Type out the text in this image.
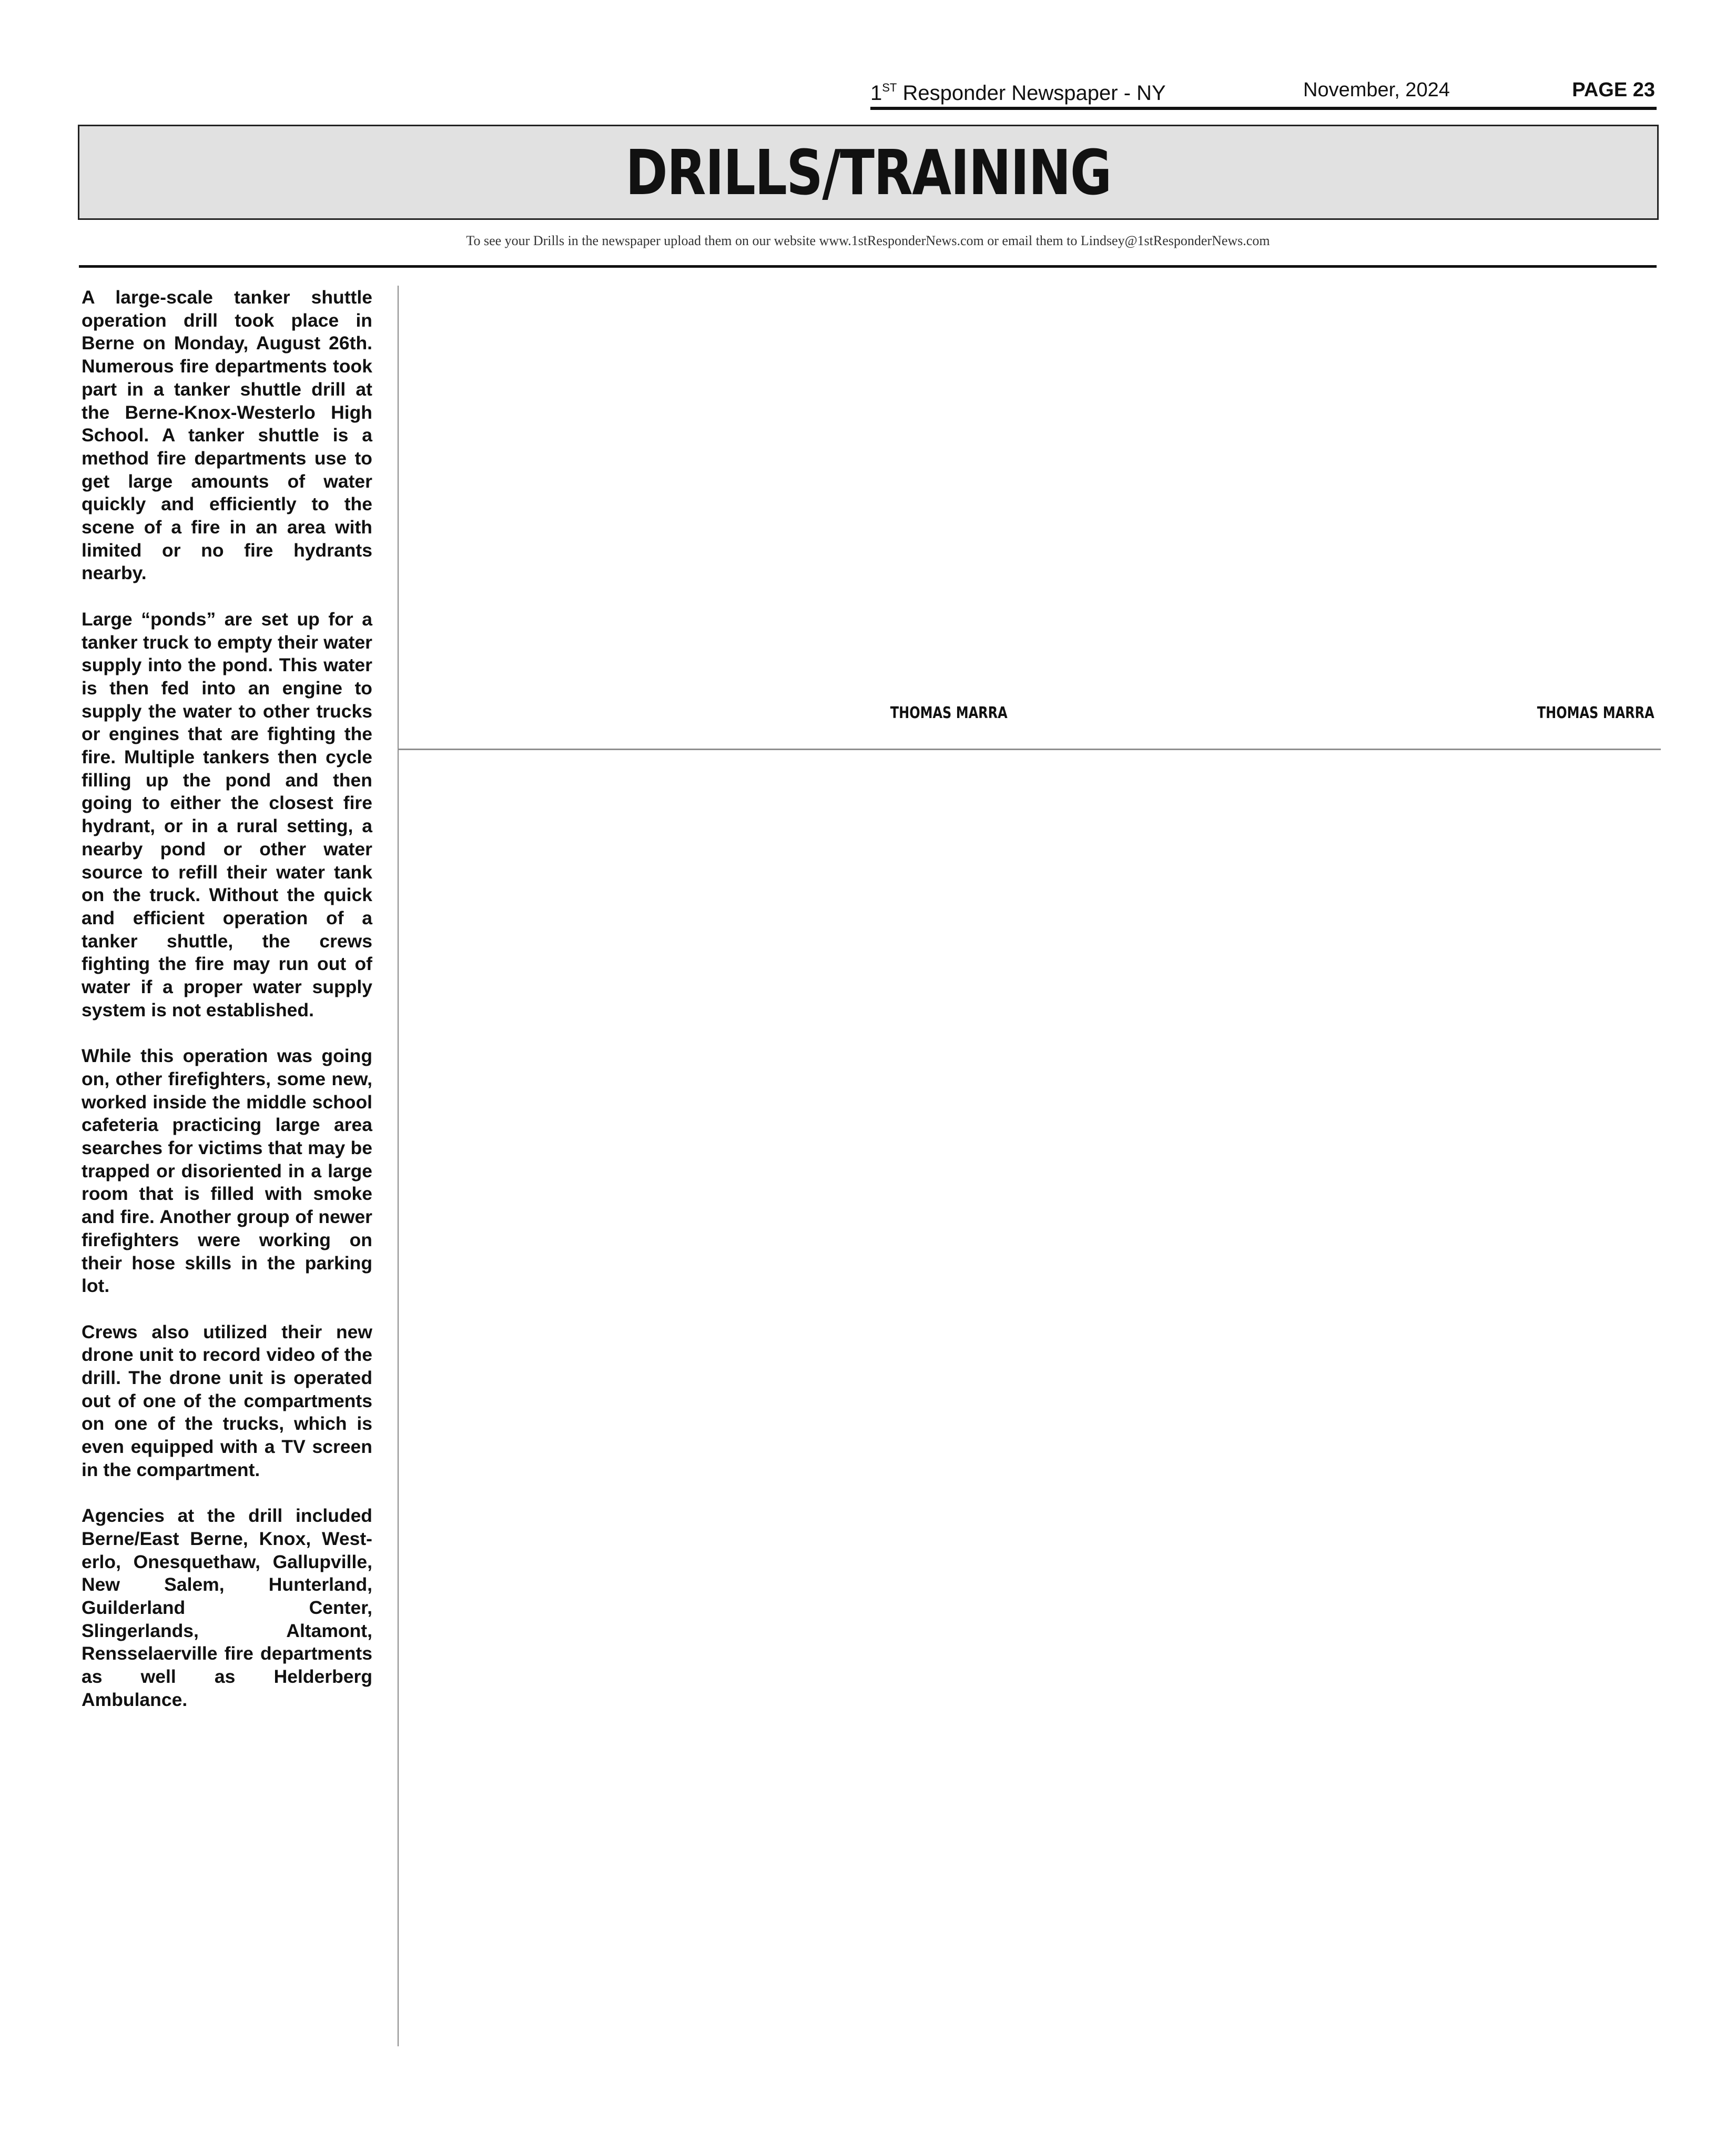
1ST Responder Newspaper - NY	November, 2024	PAGE 23
DRILLS/TRAINING
To see your Drills in the newspaper upload them on our website www.1stResponderNews.com or email them to Lindsey@1stResponderNews.com

A large-scale tanker shuttle operation drill took place in Berne on Monday, August 26th. Numerous fire departments took part in a tanker shuttle drill at the Berne-Knox-Westerlo High School. A tanker shuttle is a method fire departments use to get large amounts of water quickly and efficiently to the scene of a fire in an area with limited or no fire hydrants nearby.

Large “ponds” are set up for a tanker truck to empty their water supply into the pond. This water is then fed into an engine to supply the water to other trucks or engines that are fighting the fire. Multiple tankers then cycle filling up the pond and then going to either the closest fire hydrant, or in a rural setting, a nearby pond or other water source to refill their water tank on the truck. Without the quick and efficient operation of a tanker shuttle, the crews fighting the fire may run out of water if a proper water supply system is not established.

While this operation was going on, other firefighters, some new, worked inside the middle school cafeteria practicing large area searches for victims that may be trapped or disoriented in a large room that is filled with smoke and fire. Another group of newer firefighters were working on their hose skills in the parking lot.

Crews also utilized their new drone unit to record video of the drill. The drone unit is operated out of one of the compartments on one of the trucks, which is even equipped with a TV screen in the compartment.

Agencies at the drill included Berne/East Berne, Knox, Westerlo, Onesquethaw, Gallupville, New Salem, Hunterland, Guilderland Center, Slingerlands, Altamont, Rensselaerville fire departments as well as Helderberg Ambulance.

THOMAS MARRA	THOMAS MARRA
